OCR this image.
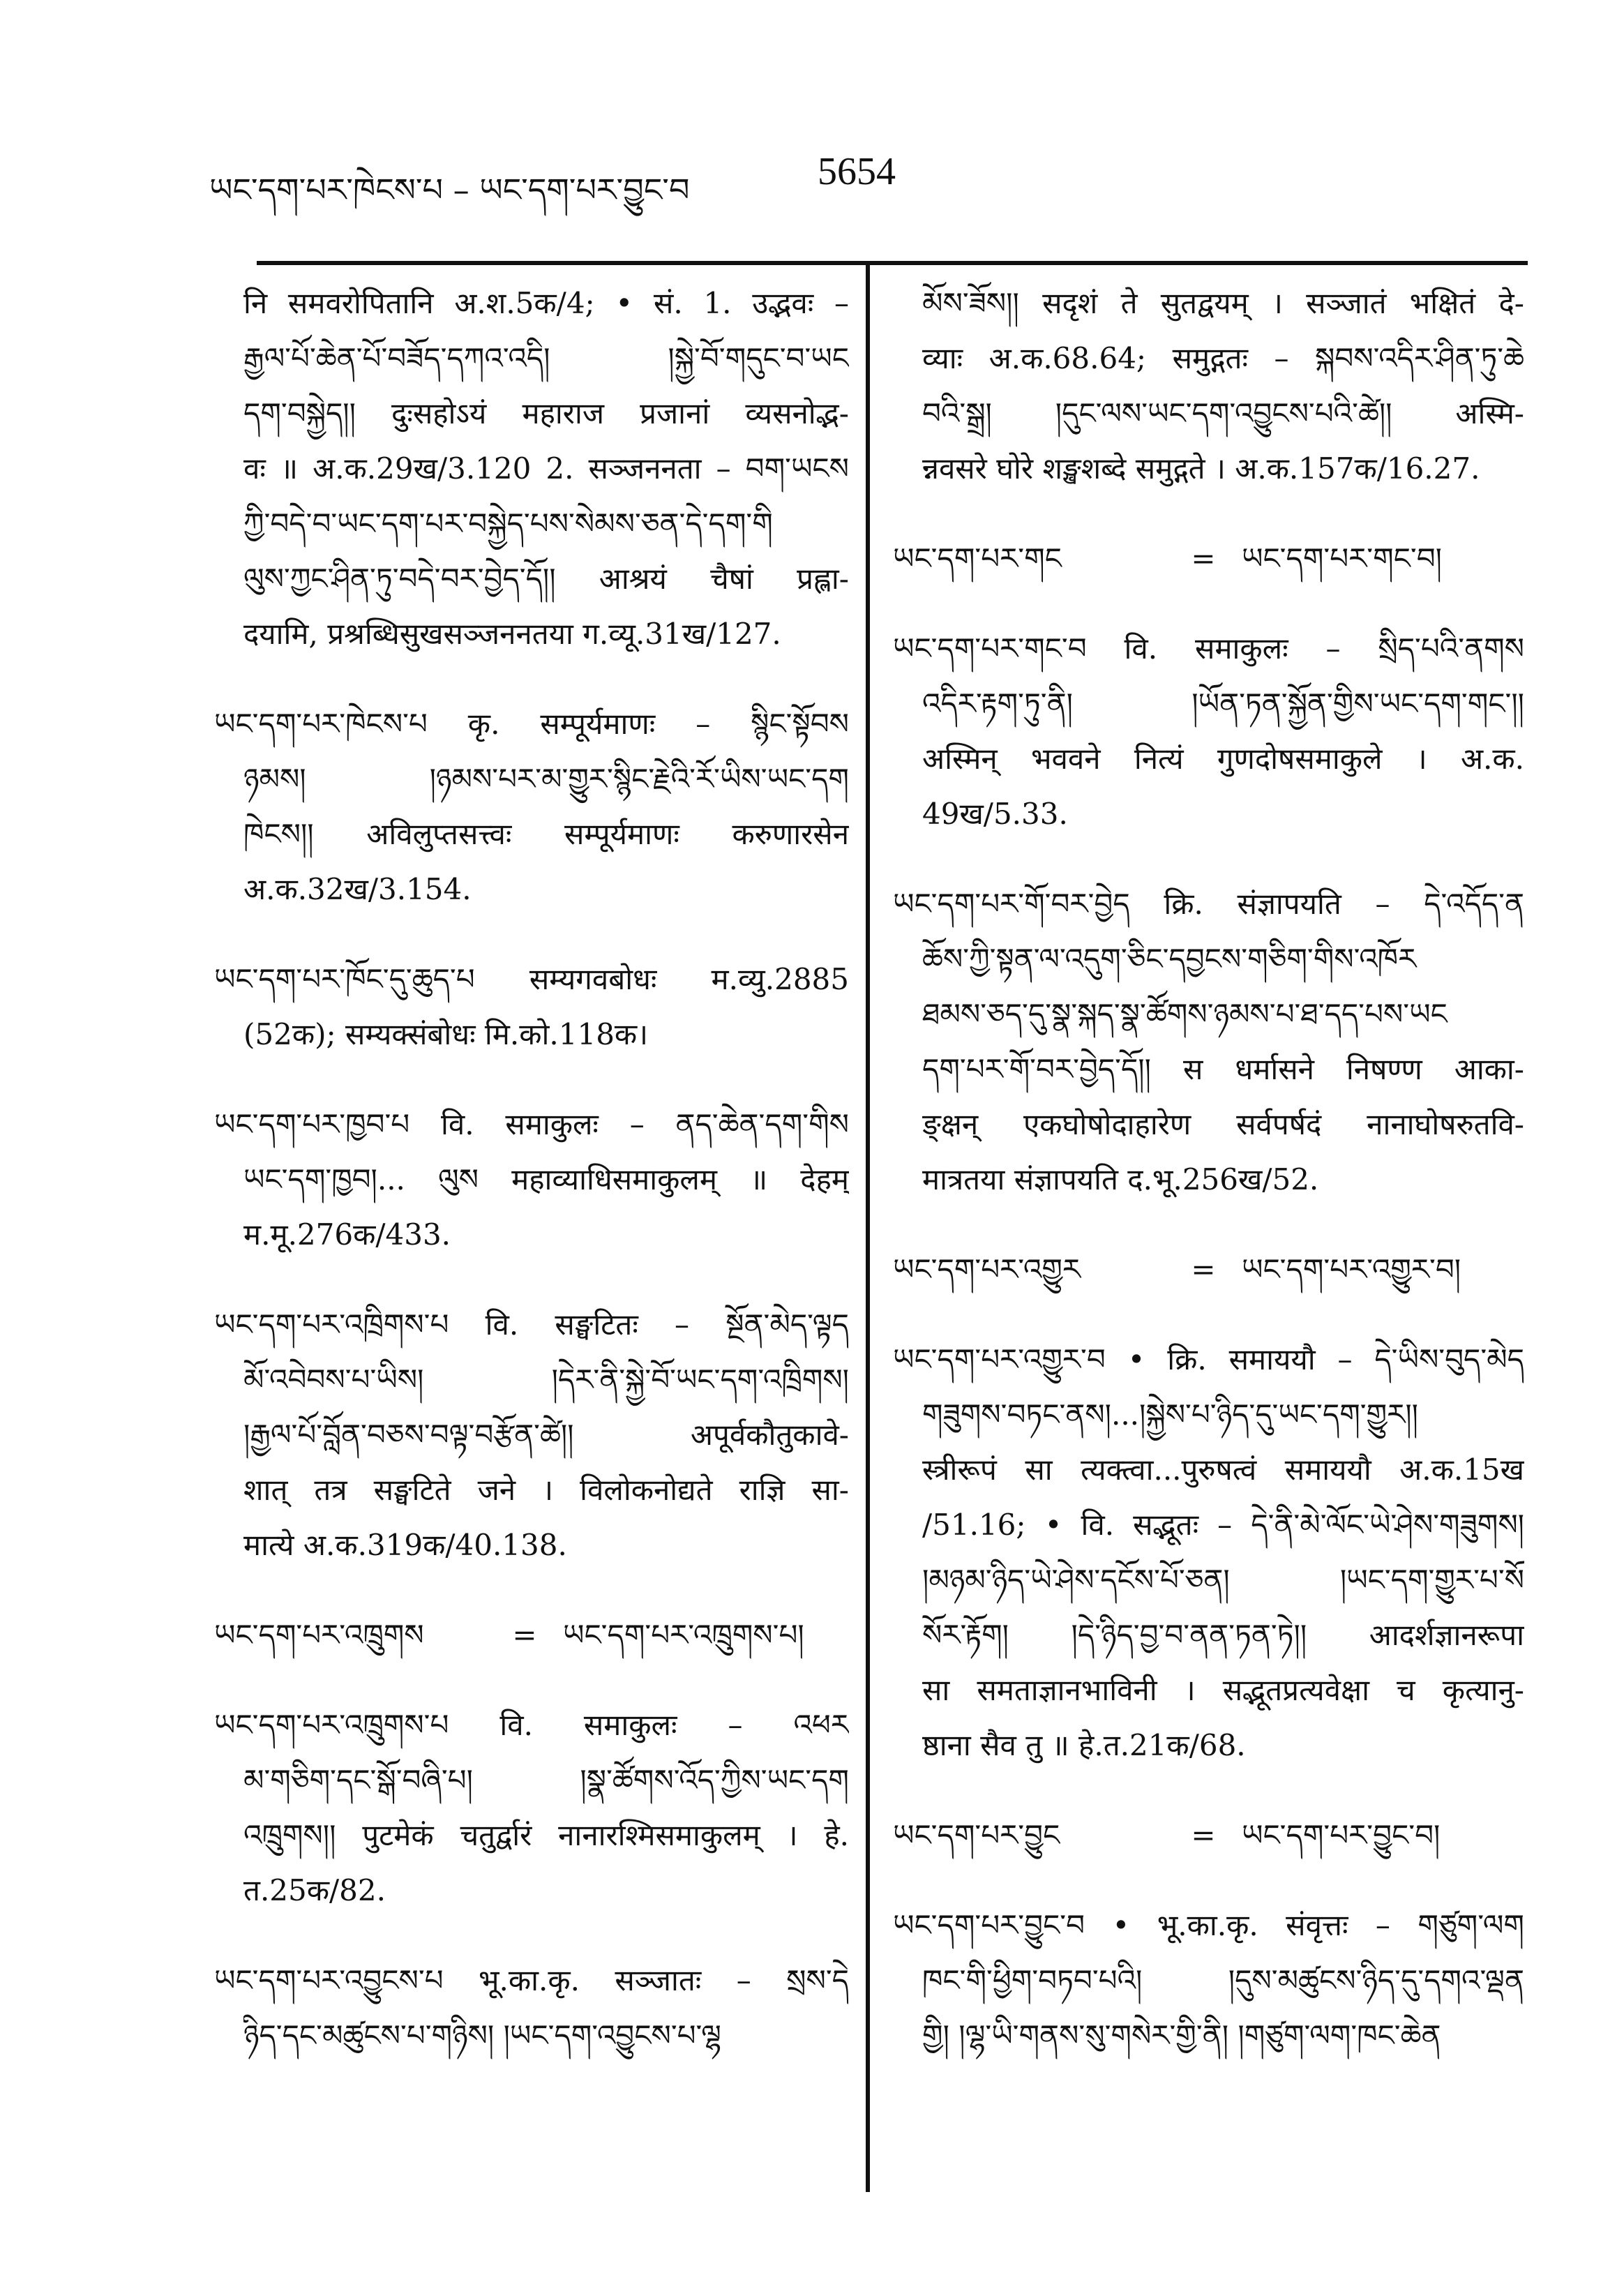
ཡང་དག་པར་ཁེངས་པ – ཡང་དག་པར་བྱུང་བ	5654
नि समवरोपितानि अ.श.5क/4; • सं. 1. उद्भवः –
རྒྱལ་པོ་ཆེན་པོ་བཟོད་དཀའ་འདི། །སྐྱེ་བོ་གདུང་བ་ཡང
དག་བསྐྱེད།། दुःसहोऽयं महाराज प्रजानां व्यसनोद्भ-
वः ॥ अ.क.29ख/3.120 2. सञ्जननता – བག་ཡངས
ཀྱི་བདེ་བ་ཡང་དག་པར་བསྐྱེད་པས་སེམས་ཅན་དེ་དག་གི
ལུས་ཀྱང་ཤིན་ཏུ་བདེ་བར་བྱེད་དོ།། आश्रयं चैषां प्रह्ला-
दयामि, प्रश्रब्धिसुखसञ्जननतया ग.व्यू.31ख/127.
ཡང་དག་པར་ཁེངས་པ कृ. सम्पूर्यमाणः – སྙིང་སྟོབས
ཉམས། །ཉམས་པར་མ་གྱུར་སྙིང་རྗེའི་རོ་ཡིས་ཡང་དག
ཁེངས།། अविलुप्तसत्त्वः सम्पूर्यमाणः करुणारसेन
अ.क.32ख/3.154.
ཡང་དག་པར་ཁོང་དུ་ཆུད་པ सम्यगवबोधः म.व्यु.2885
(52क); सम्यक्संबोधः मि.को.118क।
ཡང་དག་པར་ཁྱབ་པ वि. समाकुलः – ནད་ཆེན་དག་གིས
ཡང་དག་ཁྱབ།... ལུས महाव्याधिसमाकुलम् ॥ देहम्
म.मू.276क/433.
ཡང་དག་པར་འཁྲིགས་པ वि. सङ्घटितः – སྔོན་མེད་ལྟད
མོ་འབེབས་པ་ཡིས། །དེར་ནི་སྐྱེ་བོ་ཡང་དག་འཁྲིགས།
།རྒྱལ་པོ་བློན་བཅས་བལྟ་བརྩོན་ཚེ།། अपूर्वकौतुकावे-
शात् तत्र सङ्घटिते जने । विलोकनोद्यते राज्ञि सा-
मात्ये अ.क.319क/40.138.
ཡང་དག་པར་འཁྲུགས	= ཡང་དག་པར་འཁྲུགས་པ།
ཡང་དག་པར་འཁྲུགས་པ वि. समाकुलः – འཕར
མ་གཅིག་དང་སྒོ་བཞི་པ། །སྣ་ཚོགས་འོད་ཀྱིས་ཡང་དག
འཁྲུགས།། पुटमेकं चतुर्द्वारं नानारश्मिसमाकुलम् । हे.
त.25क/82.
ཡང་དག་པར་འབྱུངས་པ भू.का.कृ. सञ्जातः – སྲས་དེ
ཉིད་དང་མཚུངས་པ་གཉིས། །ཡང་དག་འབྱུངས་པ་ལྷ
མོས་ཟོས།། सदृशं ते सुतद्वयम् । सञ्जातं भक्षितं दे-
व्याः अ.क.68.64; समुद्गतः – སྐབས་འདིར་ཤིན་ཏུ་ཆེ
བའི་སྒྲ། །དུང་ལས་ཡང་དག་འབྱུངས་པའི་ཚེ།། अस्मि-
न्नवसरे घोरे शङ्खशब्दे समुद्गते । अ.क.157क/16.27.
ཡང་དག་པར་གང	= ཡང་དག་པར་གང་བ།
ཡང་དག་པར་གང་བ वि. समाकुलः – སྲིད་པའི་ནགས
འདིར་རྟག་ཏུ་ནི། །ཡོན་ཏན་སྐྱོན་གྱིས་ཡང་དག་གང་།།
अस्मिन् भववने नित्यं गुणदोषसमाकुले । अ.क.
49ख/5.33.
ཡང་དག་པར་གོ་བར་བྱེད क्रि. संज्ञापयति – དེ་འདོད་ན
ཆོས་ཀྱི་སྟན་ལ་འདུག་ཅིང་དབྱངས་གཅིག་གིས་འཁོར
ཐམས་ཅད་དུ་སྣ་སྐད་སྣ་ཚོགས་ཉམས་པ་ཐ་དད་པས་ཡང
དག་པར་གོ་བར་བྱེད་དོ།། स धर्मासने निषण्ण आका-
ङ्क्षन् एकघोषोदाहारेण सर्वपर्षदं नानाघोषरुतवि-
मात्रतया संज्ञापयति द.भू.256ख/52.
ཡང་དག་པར་འགྱུར	= ཡང་དག་པར་འགྱུར་བ།
ཡང་དག་པར་འགྱུར་བ • क्रि. समाययौ – དེ་ཡིས་བུད་མེད
གཟུགས་བཏང་ནས།...།སྐྱེས་པ་ཉིད་དུ་ཡང་དག་གྱུར།།
स्त्रीरूपं सा त्यक्त्वा...पुरुषत्वं समाययौ अ.क.15ख
/51.16; • वि. सद्भूतः – དེ་ནི་མེ་ལོང་ཡེ་ཤེས་གཟུགས།
།མཉམ་ཉིད་ཡེ་ཤེས་དངོས་པོ་ཅན། །ཡང་དག་གྱུར་པ་སོ
སོར་རྟོག། །དེ་ཉིད་བྱ་བ་ནན་ཏན་ཏེ།། आदर्शज्ञानरूपा
सा समताज्ञानभाविनी । सद्भूतप्रत्यवेक्षा च कृत्यानु-
ष्ठाना सैव तु ॥ हे.त.21क/68.
ཡང་དག་པར་བྱུང	= ཡང་དག་པར་བྱུང་བ།
ཡང་དག་པར་བྱུང་བ • भू.का.कृ. संवृत्तः – གཙུག་ལག
ཁང་གི་ཕྱིག་བཏབ་པའི། །དུས་མཚུངས་ཉིད་དུ་དགའ་ལྡན
གྱི། །ལྷ་ཡི་གནས་སུ་གསེར་གྱི་ནི། །གཙུག་ལག་ཁང་ཆེན
